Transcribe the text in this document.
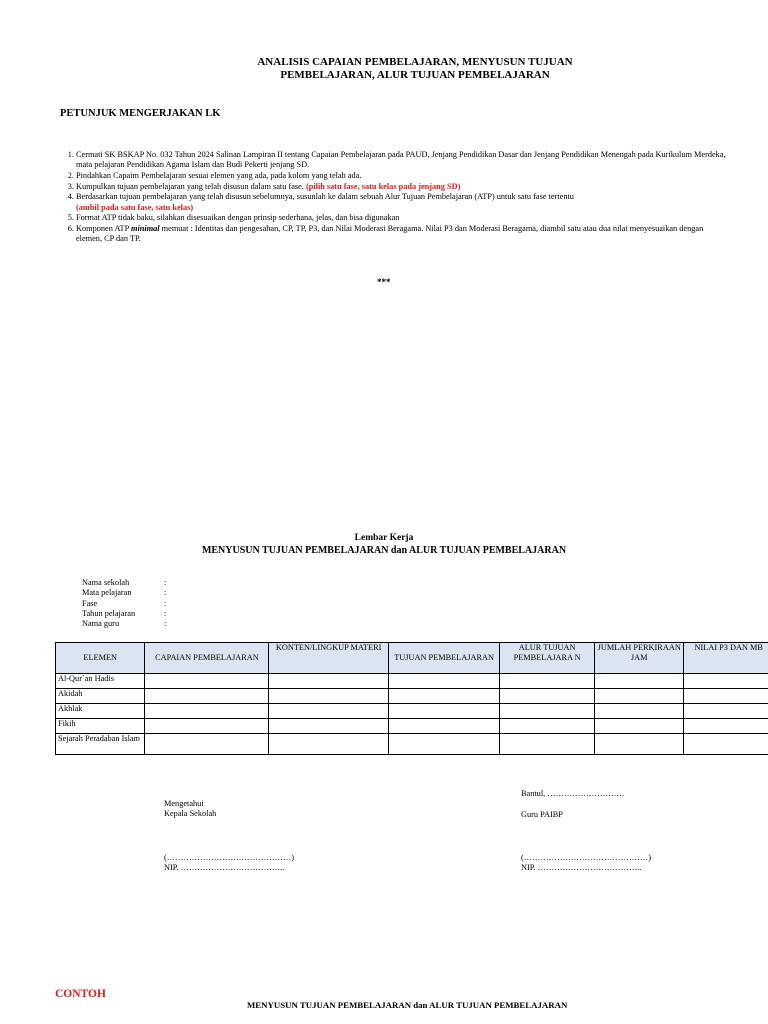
ANALISIS CAPAIAN PEMBELAJARAN, MENYUSUN TUJUAN
PEMBELAJARAN, ALUR TUJUAN PEMBELAJARAN
PETUNJUK MENGERJAKAN LK
1. Cermati SK BSKAP No. 032 Tahun 2024 Salinan Lampiran II tentang Capaian Pembelajaran pada PAUD, Jenjang Pendidikan Dasar dan Jenjang Pendidikan Menengah pada Kurikulum Merdeka, mata pelajaran Pendidikan Agama Islam dan Budi Pekerti jenjang SD.
2. Pindahkan Capaim Pembelajaran sesuai elemen yang ada, pada kolom yang telah ada.
3. Kumpulkan tujuan pembelajaran yang telah disusun dalam satu fase. (pilih satu fase, satu kelas pada jenjang SD)
4. Berdasarkan tujuan pembelajaran yang telah disusun sebelumnya, susunlah ke dalam sebuah Alur Tujuan Pembelajaran (ATP) untuk satu fase tertentu
(ambil pada satu fase, satu kelas)
5. Format ATP tidak baku, silahkan disesuaikan dengan prinsip sederhana, jelas, dan bisa digunakan
6. Komponen ATP minimal memuat : Identitas dan pengesahan, CP, TP, P3, dan Nilai Moderasi Beragama. Nilai P3 dan Moderasi Beragama, diambil satu atau dua nilai menyesuaikan dengan elemen, CP dan TP.
***
Lembar Kerja
MENYUSUN TUJUAN PEMBELAJARAN dan ALUR TUJUAN PEMBELAJARAN
Nama sekolah	:
Mata pelajaran	:
Fase	:
Tahun pelajaran	:
Nama guru	:
ELEMEN	CAPAIAN PEMBELAJARAN	KONTEN/LINGKUP MATERI	TUJUAN PEMBELAJARAN	ALUR TUJUAN PEMBELAJARA N	JUMLAH PERKIRAAN JAM	NILAI P3 DAN MB
Al-Qur`an Hadis						
Akidah						
Akhlak						
Fikih						
Sejarah Peradaban Islam						
Mengetahui
Kepala Sekolah
(………………………………………)
NIP. ………………………………..
Bantul, ……………………….
Guru PAIBP
(………………………………………)
NIP. ………………………………..
CONTOH
MENYUSUN TUJUAN PEMBELAJARAN dan ALUR TUJUAN PEMBELAJARAN
